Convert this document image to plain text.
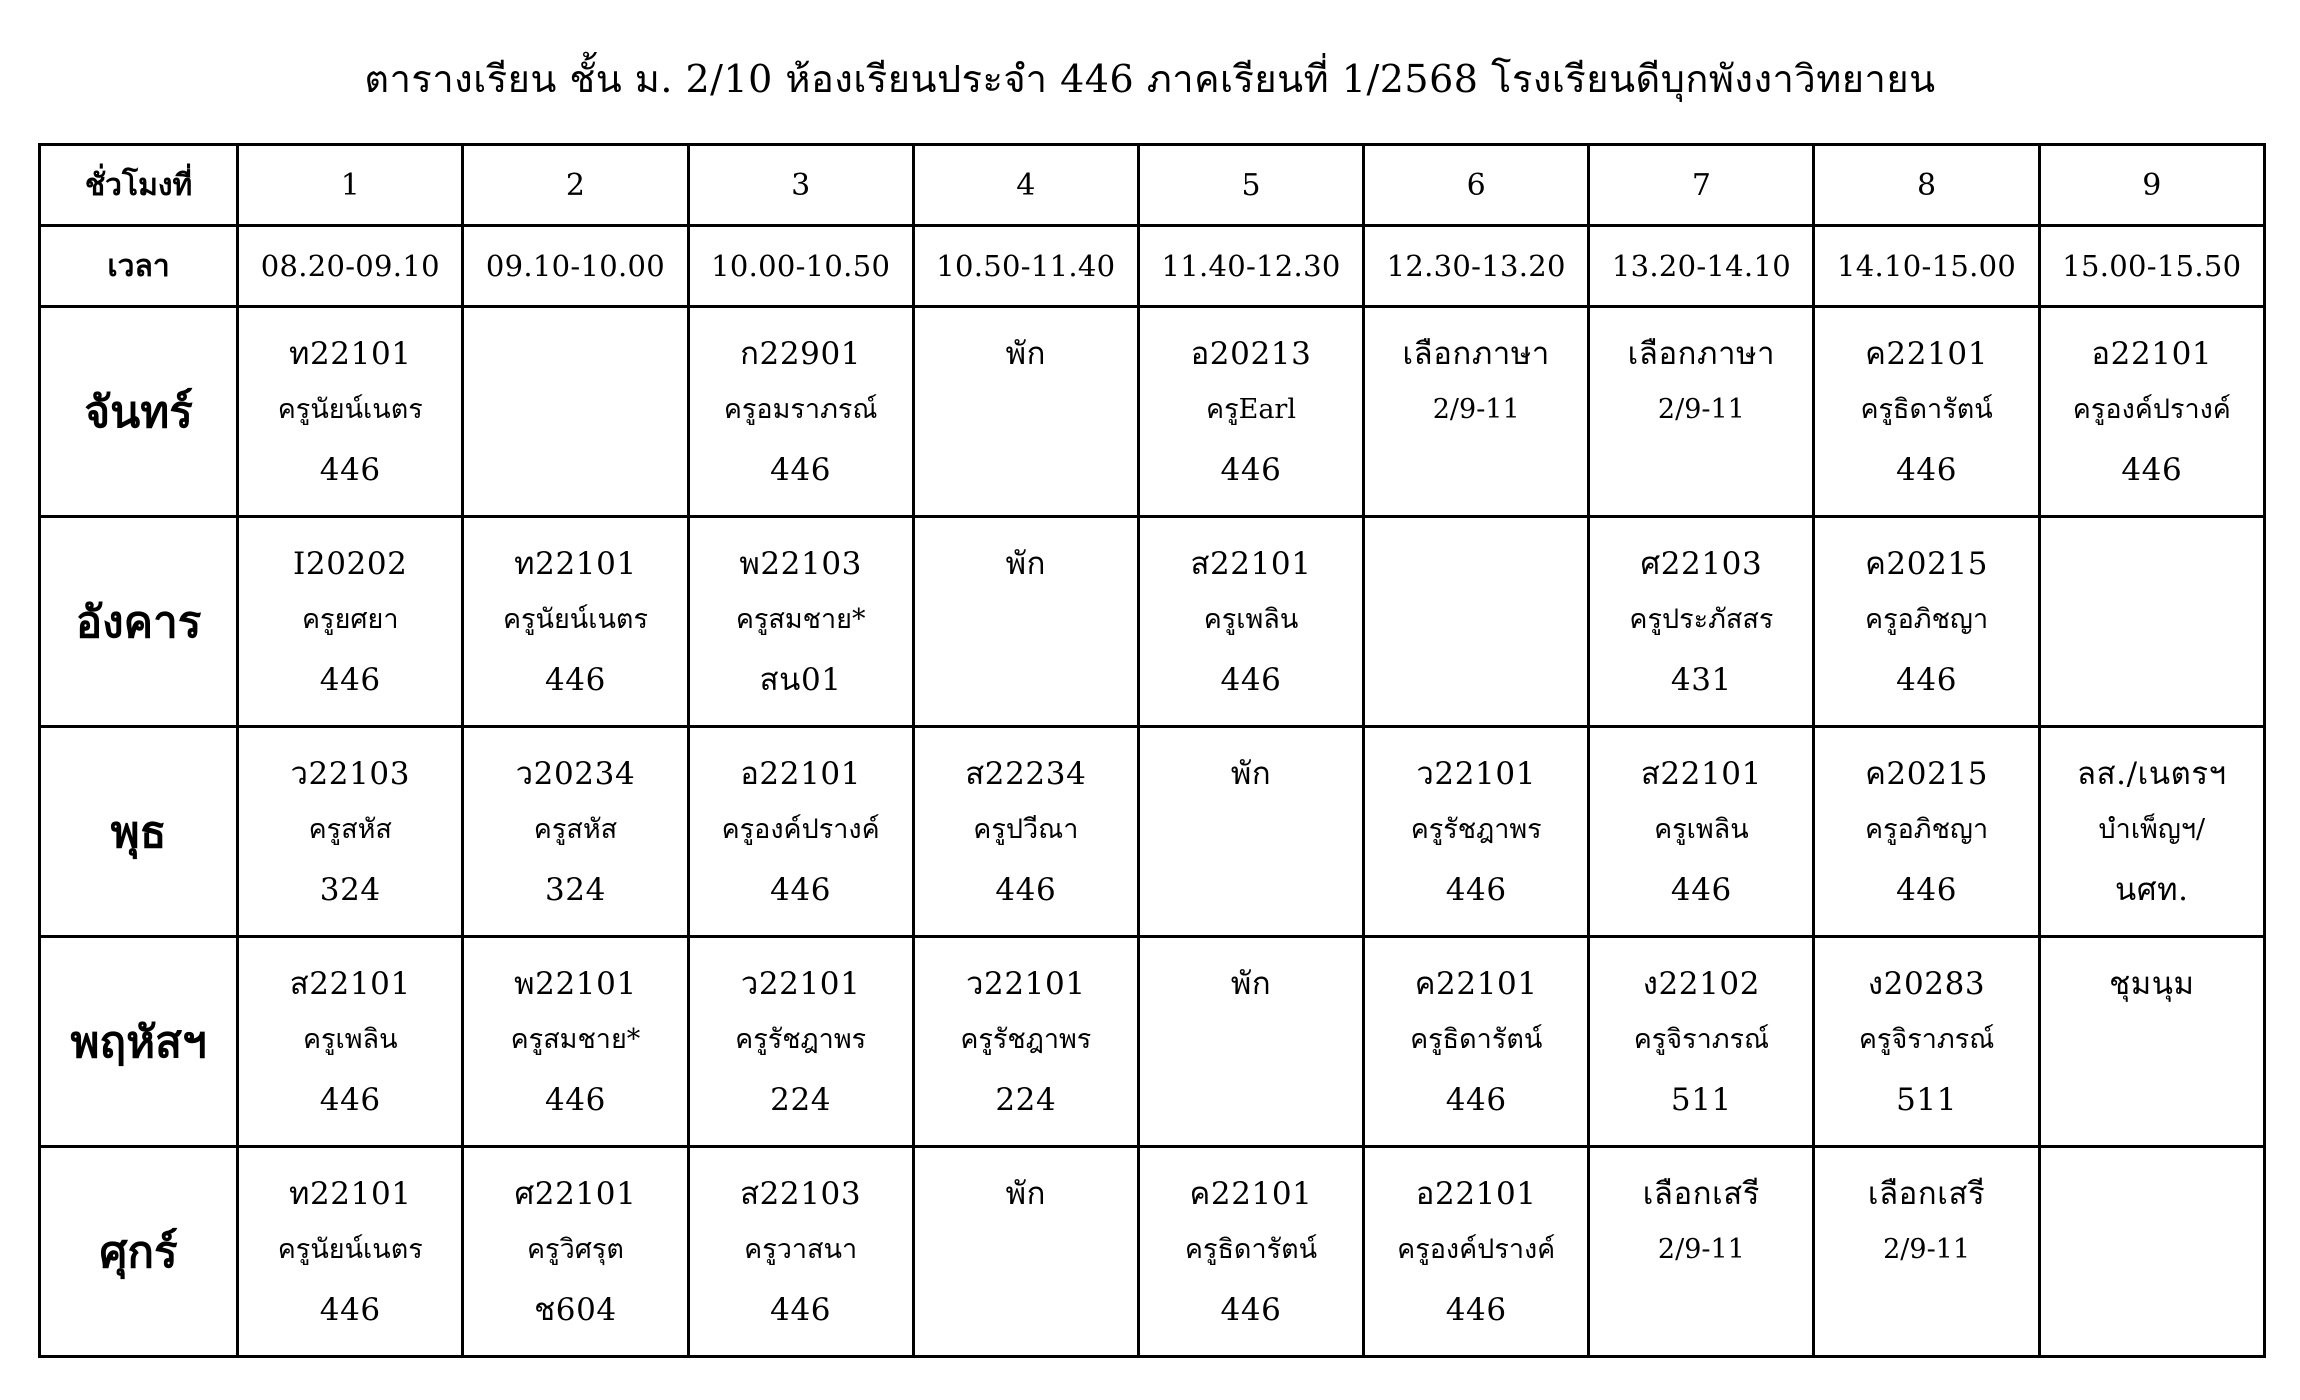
ตารางเรียน ชั้น ม. 2/10 ห้องเรียนประจำ 446 ภาคเรียนที่ 1/2568 โรงเรียนดีบุกพังงาวิทยายน
ชั่วโมงที่	1	2	3	4	5	6	7	8	9
เวลา	08.20-09.10	09.10-10.00	10.00-10.50	10.50-11.40	11.40-12.30	12.30-13.20	13.20-14.10	14.10-15.00	15.00-15.50
จันทร์	ท22101
ครูนัยน์เนตร
446		ก22901
ครูอมราภรณ์
446	พัก	อ20213
ครูEarl
446	เลือกภาษา
2/9-11	เลือกภาษา
2/9-11	ค22101
ครูธิดารัตน์
446	อ22101
ครูองค์ปรางค์
446

อังคาร	I20202
ครูยศยา
446	ท22101
ครูนัยน์เนตร
446	พ22103
ครูสมชาย*
สน01	พัก	ส22101
ครูเพลิน
446		ศ22103
ครูประภัสสร
431	ค20215
ครูอภิชญา
446	

พุธ	ว22103
ครูสหัส
324	ว20234
ครูสหัส
324	อ22101
ครูองค์ปรางค์
446	ส22234
ครูปวีณา
446	พัก	ว22101
ครูรัชฎาพร
446	ส22101
ครูเพลิน
446	ค20215
ครูอภิชญา
446	ลส./เนตรฯ
บำเพ็ญฯ/
นศท.

พฤหัสฯ	ส22101
ครูเพลิน
446	พ22101
ครูสมชาย*
446	ว22101
ครูรัชฎาพร
224	ว22101
ครูรัชฎาพร
224	พัก	ค22101
ครูธิดารัตน์
446	ง22102
ครูจิราภรณ์
511	ง20283
ครูจิราภรณ์
511	ชุมนุม

ศุกร์	ท22101
ครูนัยน์เนตร
446	ศ22101
ครูวิศรุต
ช604	ส22103
ครูวาสนา
446	พัก	ค22101
ครูธิดารัตน์
446	อ22101
ครูองค์ปรางค์
446	เลือกเสรี
2/9-11	เลือกเสรี
2/9-11	
